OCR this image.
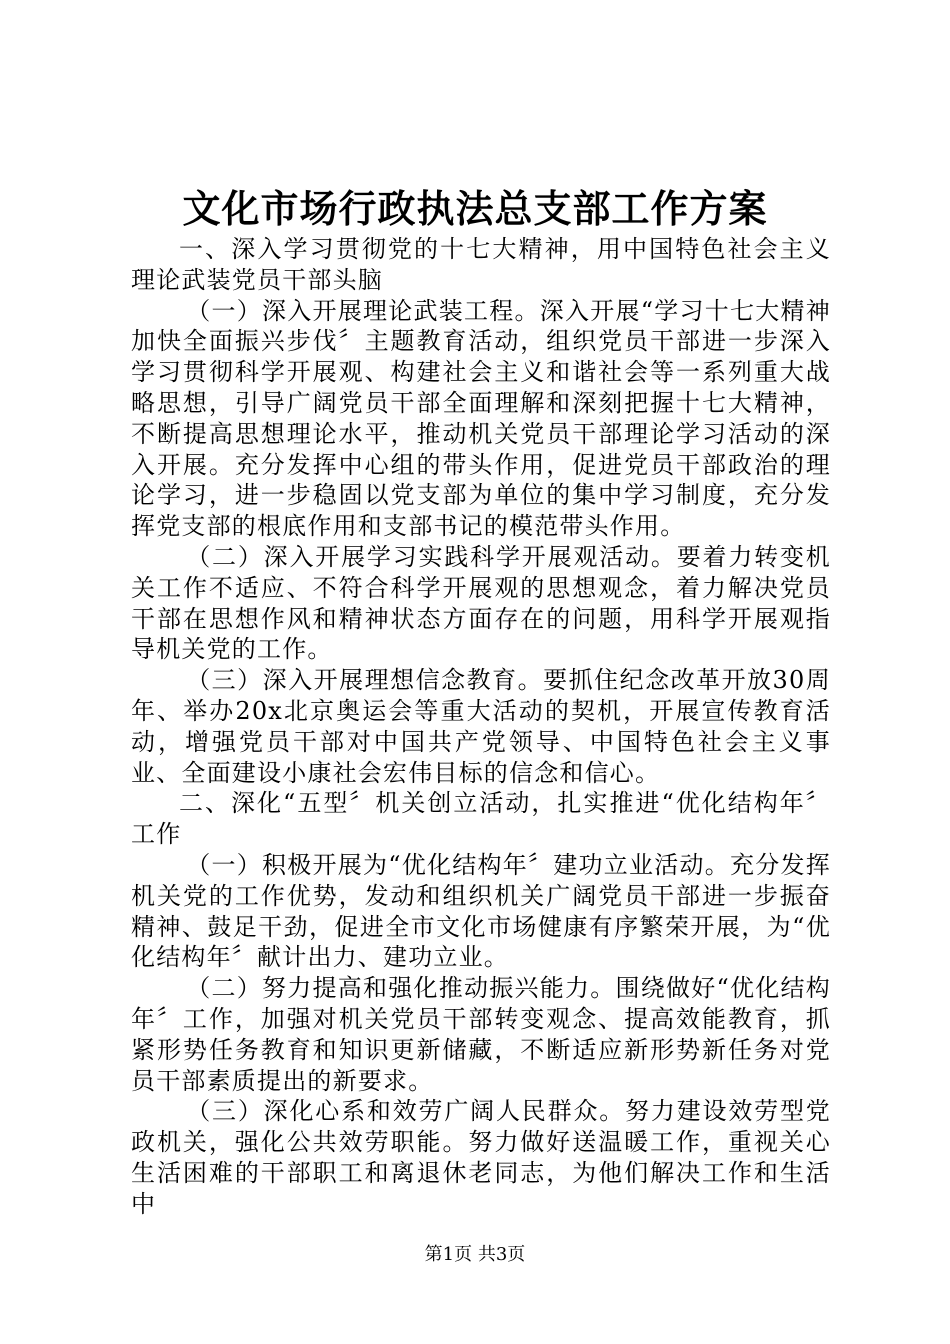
文化市场行政执法总支部工作方案

一、深入学习贯彻党的十七大精神，用中国特色社会主义理论武装党员干部头脑

（一）深入开展理论武装工程。深入开展“学习十七大精神 加快全面振兴步伐〞主题教育活动，组织党员干部进一步深入学习贯彻科学开展观、构建社会主义和谐社会等一系列重大战略思想，引导广阔党员干部全面理解和深刻把握十七大精神，不断提高思想理论水平，推动机关党员干部理论学习活动的深入开展。充分发挥中心组的带头作用，促进党员干部政治的理论学习，进一步稳固以党支部为单位的集中学习制度，充分发挥党支部的根底作用和支部书记的模范带头作用。

（二）深入开展学习实践科学开展观活动。要着力转变机关工作不适应、不符合科学开展观的思想观念，着力解决党员干部在思想作风和精神状态方面存在的问题，用科学开展观指导机关党的工作。

（三）深入开展理想信念教育。要抓住纪念改革开放30周年、举办20x北京奥运会等重大活动的契机，开展宣传教育活动，增强党员干部对中国共产党领导、中国特色社会主义事业、全面建设小康社会宏伟目标的信念和信心。

二、深化“五型〞机关创立活动，扎实推进“优化结构年〞工作

（一）积极开展为“优化结构年〞建功立业活动。充分发挥机关党的工作优势，发动和组织机关广阔党员干部进一步振奋精神、鼓足干劲，促进全市文化市场健康有序繁荣开展，为“优化结构年〞献计出力、建功立业。

（二）努力提高和强化推动振兴能力。围绕做好“优化结构年〞工作，加强对机关党员干部转变观念、提高效能教育，抓紧形势任务教育和知识更新储藏，不断适应新形势新任务对党员干部素质提出的新要求。

（三）深化心系和效劳广阔人民群众。努力建设效劳型党政机关，强化公共效劳职能。努力做好送温暖工作，重视关心生活困难的干部职工和离退休老同志，为他们解决工作和生活中

第1页 共3页
